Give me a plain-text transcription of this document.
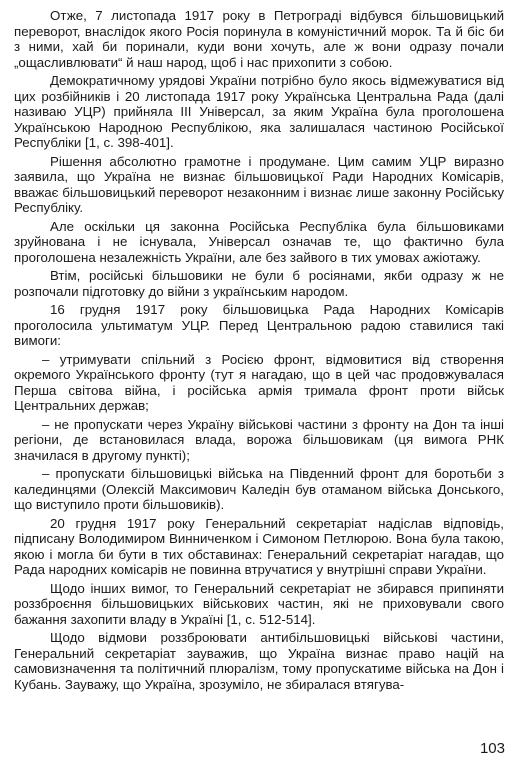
Отже, 7 листопада 1917 року в Петрограді відбувся більшовицький переворот, внаслідок якого Росія поринула в комуністичний морок. Та й біс би з ними, хай би поринали, куди вони хочуть, але ж вони одразу почали „ощасливлювати“ й наш народ, щоб і нас прихопити з собою.

Демократичному урядові України потрібно було якось відмежуватися від цих розбійників і 20 листопада 1917 року Українська Центральна Рада (далі називаю УЦР) прийняла III Універсал, за яким Україна була проголошена Українською Народною Республікою, яка залишалася частиною Російської Республіки [1, с. 398-401].

Рішення абсолютно грамотне і продумане. Цим самим УЦР виразно заявила, що Україна не визнає більшовицької Ради Народних Комісарів, вважає більшовицький переворот незаконним і визнає лише законну Російську Республіку.

Але оскільки ця законна Російська Республіка була більшовиками зруйнована і не існувала, Універсал означав те, що фактично була проголошена незалежність України, але без зайвого в тих умовах ажіотажу.

Втім, російські більшовики не були б росіянами, якби одразу ж не розпочали підготовку до війни з українським народом.

16 грудня 1917 року більшовицька Рада Народних Комісарів проголосила ультиматум УЦР. Перед Центральною радою ставилися такі вимоги:

– утримувати спільний з Росією фронт, відмовитися від створення окремого Українського фронту (тут я нагадаю, що в цей час продовжувалася Перша світова війна, і російська армія тримала фронт проти військ Центральних держав;

– не пропускати через Україну військові частини з фронту на Дон та інші регіони, де встановилася влада, ворожа більшовикам (ця вимога РНК значилася в другому пункті);

– пропускати більшовицькі війська на Південний фронт для боротьби з калединцями (Олексій Максимович Каледін був отаманом війська Донського, що виступило проти більшовиків).

20 грудня 1917 року Генеральний секретаріат надіслав відповідь, підписану Володимиром Винниченком і Симоном Петлюрою. Вона була такою, якою і могла би бути в тих обставинах: Генеральний секретаріат нагадав, що Рада народних комісарів не повинна втручатися у внутрішні справи України.

Щодо інших вимог, то Генеральний секретаріат не збирався припиняти роззброєння більшовицьких військових частин, які не приховували свого бажання захопити владу в Україні [1, с. 512-514].

Щодо відмови роззброювати антибільшовицькі військові частини, Генеральний секретаріат зауважив, що Україна визнає право націй на самовизначення та політичний плюралізм, тому пропускатиме війська на Дон і Кубань. Зауважу, що Україна, зрозуміло, не збиралася втягува-

103
